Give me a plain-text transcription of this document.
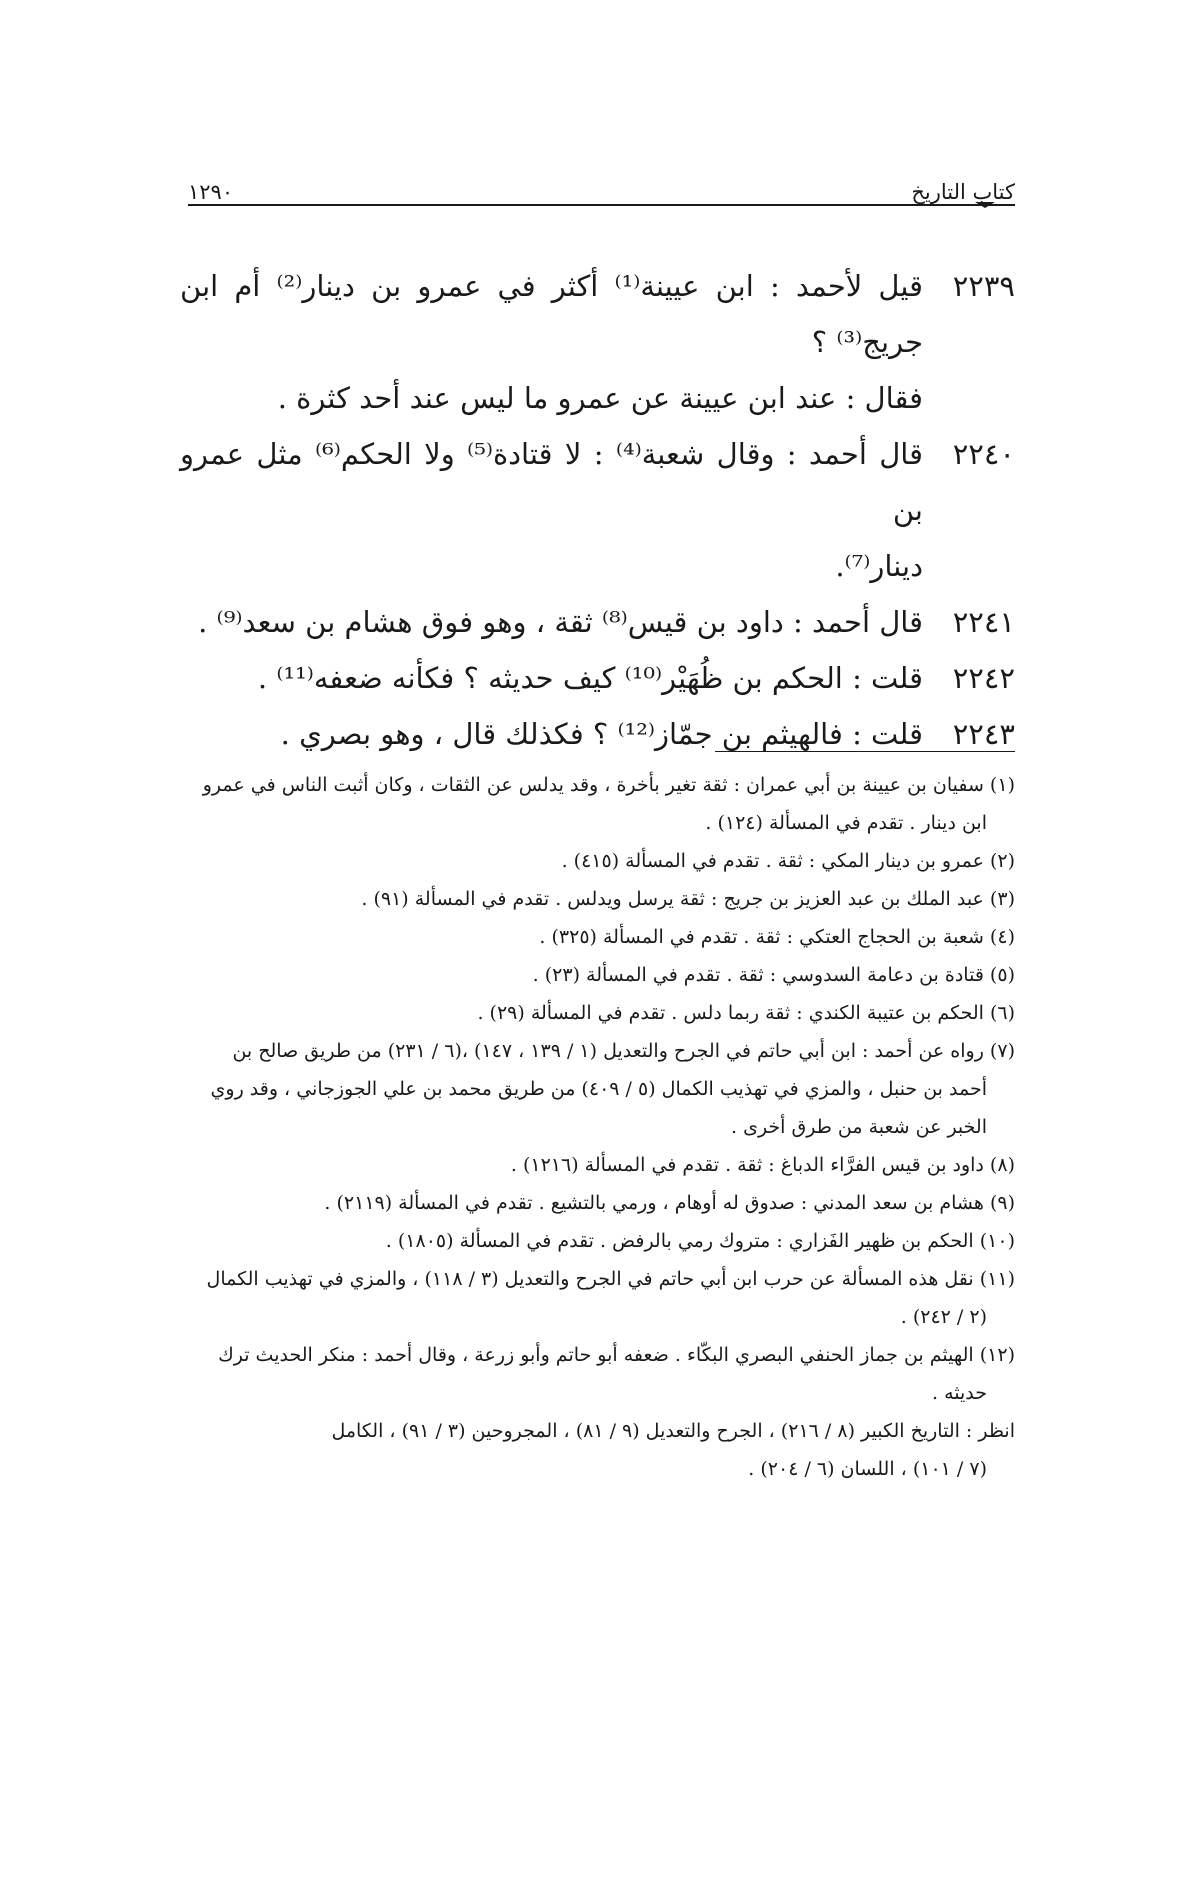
كتاب التاريخ
١٢٩٠
٢٢٣٩
قيل لأحمد : ابن عيينة⁽¹⁾ أكثر في عمرو بن دينار⁽²⁾ أم ابن جريج⁽³⁾ ؟
فقال : عند ابن عيينة عن عمرو ما ليس عند أحد كثرة .
٢٢٤٠
قال أحمد : وقال شعبة⁽⁴⁾ : لا قتادة⁽⁵⁾ ولا الحكم⁽⁶⁾ مثل عمرو بن
دينار⁽⁷⁾.
٢٢٤١
قال أحمد : داود بن قيس⁽⁸⁾ ثقة ، وهو فوق هشام بن سعد⁽⁹⁾ .
٢٢٤٢
قلت : الحكم بن ظُهَيْر⁽¹⁰⁾ كيف حديثه ؟ فكأنه ضعفه⁽¹¹⁾ .
٢٢٤٣
قلت : فالهيثم بن جمّاز⁽¹²⁾ ؟ فكذلك قال ، وهو بصري .
(١) سفيان بن عيينة بن أبي عمران : ثقة تغير بأخرة ، وقد يدلس عن الثقات ، وكان أثبت الناس في عمرو
ابن دينار . تقدم في المسألة (١٢٤) .
(٢) عمرو بن دينار المكي : ثقة . تقدم في المسألة (٤١٥) .
(٣) عبد الملك بن عبد العزيز بن جريج : ثقة يرسل ويدلس . تقدم في المسألة (٩١) .
(٤) شعبة بن الحجاج العتكي : ثقة . تقدم في المسألة (٣٢٥) .
(٥) قتادة بن دعامة السدوسي : ثقة . تقدم في المسألة (٢٣) .
(٦) الحكم بن عتيبة الكندي : ثقة ربما دلس . تقدم في المسألة (٢٩) .
(٧) رواه عن أحمد : ابن أبي حاتم في الجرح والتعديل (١ / ١٣٩ ، ١٤٧) ،(٦ / ٢٣١) من طريق صالح بن
أحمد بن حنبل ، والمزي في تهذيب الكمال (٥ / ٤٠٩) من طريق محمد بن علي الجوزجاني ، وقد روي
الخبر عن شعبة من طرق أخرى .
(٨) داود بن قيس الفرَّاء الدباغ : ثقة . تقدم في المسألة (١٢١٦) .
(٩) هشام بن سعد المدني : صدوق له أوهام ، ورمي بالتشيع . تقدم في المسألة (٢١١٩) .
(١٠) الحكم بن ظهير الفَزاري : متروك رمي بالرفض . تقدم في المسألة (١٨٠٥) .
(١١) نقل هذه المسألة عن حرب ابن أبي حاتم في الجرح والتعديل (٣ / ١١٨) ، والمزي في تهذيب الكمال
(٢ / ٢٤٢) .
(١٢) الهيثم بن جماز الحنفي البصري البكّاء . ضعفه أبو حاتم وأبو زرعة ، وقال أحمد : منكر الحديث ترك
حديثه .
انظر : التاريخ الكبير (٨ / ٢١٦) ، الجرح والتعديل (٩ / ٨١) ، المجروحين (٣ / ٩١) ، الكامل
(٧ / ١٠١) ، اللسان (٦ / ٢٠٤) .
